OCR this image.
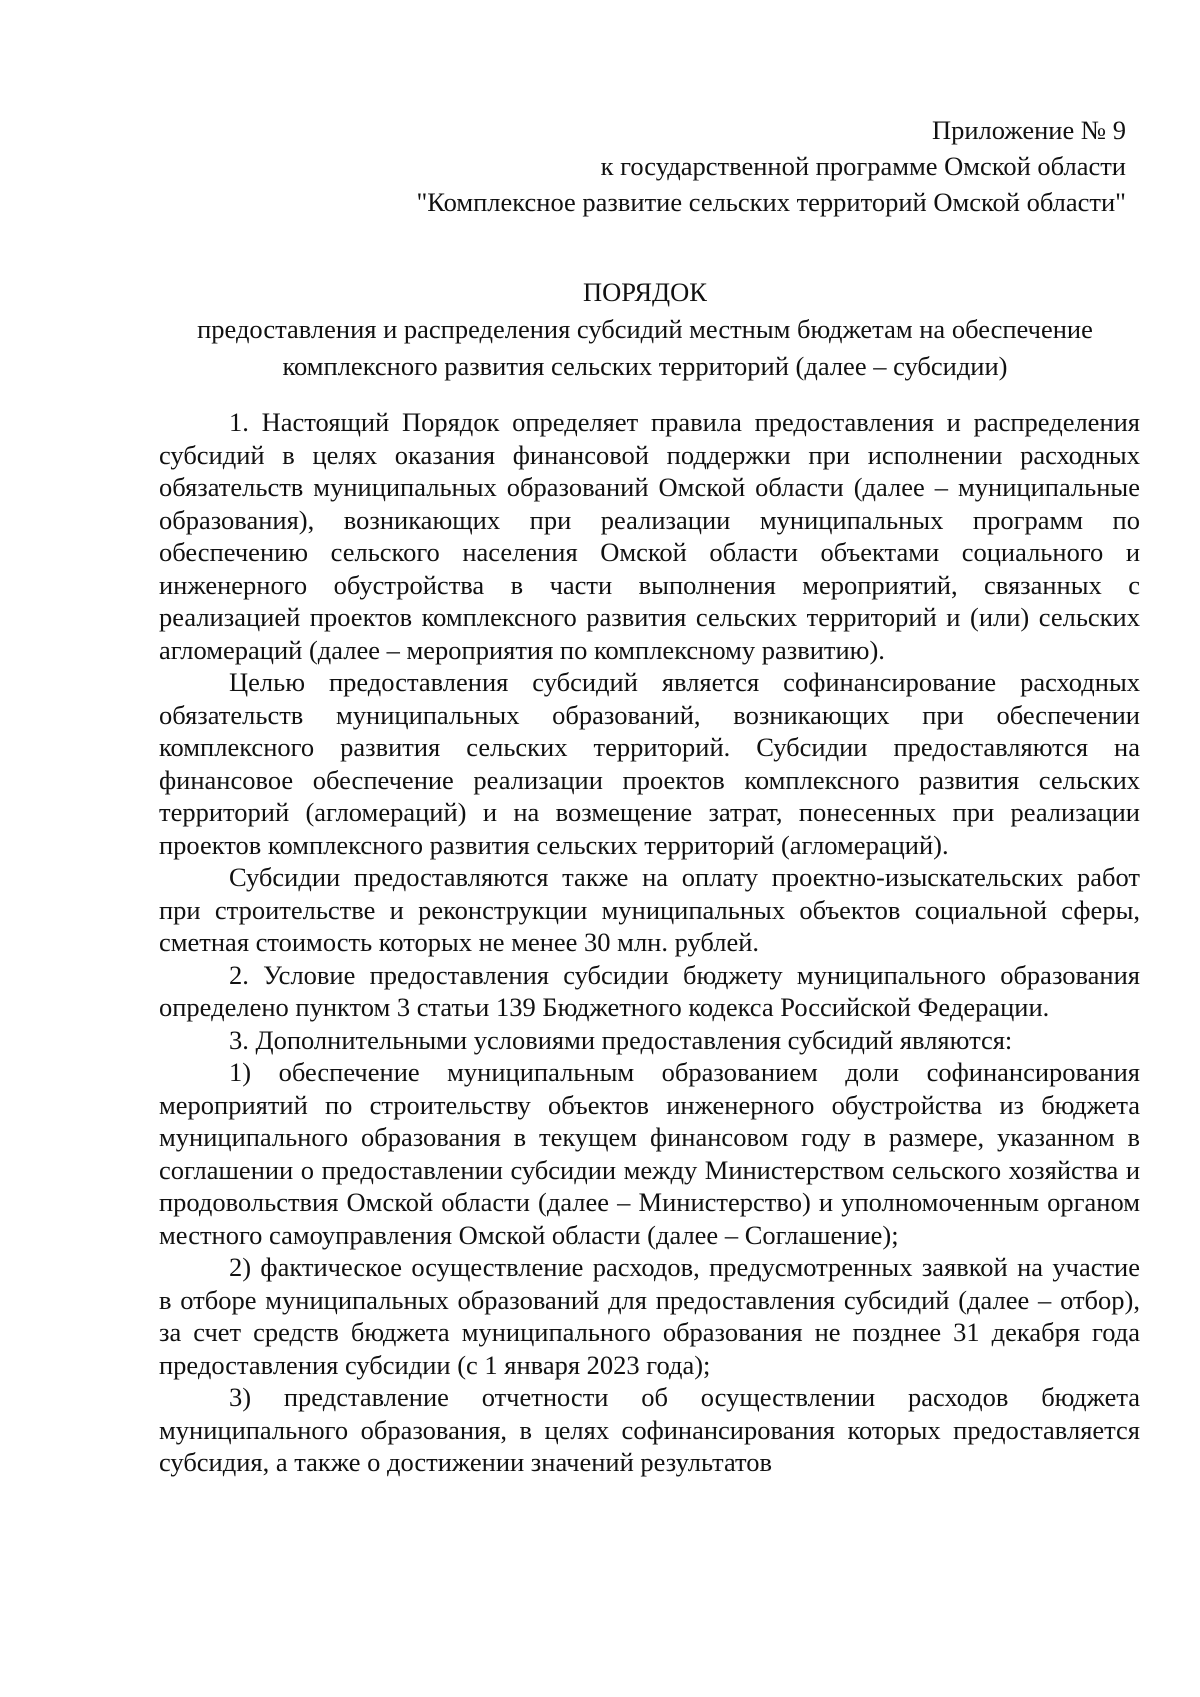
Приложение № 9
к государственной программе Омской области
"Комплексное развитие сельских территорий Омской области"
ПОРЯДОК
предоставления и распределения субсидий местным бюджетам на обеспечение
комплексного развития сельских территорий (далее – субсидии)

1. Настоящий Порядок определяет правила предоставления и распределения субсидий в целях оказания финансовой поддержки при исполнении расходных обязательств муниципальных образований Омской области (далее – муниципальные образования), возникающих при реализации муниципальных программ по обеспечению сельского населения Омской области объектами социального и инженерного обустройства в части выполнения мероприятий, связанных с реализацией проектов комплексного развития сельских территорий и (или) сельских агломераций (далее – мероприятия по комплексному развитию).

Целью предоставления субсидий является софинансирование расходных обязательств муниципальных образований, возникающих при обеспечении комплексного развития сельских территорий. Субсидии предоставляются на финансовое обеспечение реализации проектов комплексного развития сельских территорий (агломераций) и на возмещение затрат, понесенных при реализации проектов комплексного развития сельских территорий (агломераций).

Субсидии предоставляются также на оплату проектно-изыскательских работ при строительстве и реконструкции муниципальных объектов социальной сферы, сметная стоимость которых не менее 30 млн. рублей.

2. Условие предоставления субсидии бюджету муниципального образования определено пунктом 3 статьи 139 Бюджетного кодекса Российской Федерации.

3. Дополнительными условиями предоставления субсидий являются:

1) обеспечение муниципальным образованием доли софинансирования мероприятий по строительству объектов инженерного обустройства из бюджета муниципального образования в текущем финансовом году в размере, указанном в соглашении о предоставлении субсидии между Министерством сельского хозяйства и продовольствия Омской области (далее – Министерство) и уполномоченным органом местного самоуправления Омской области (далее – Соглашение);

2) фактическое осуществление расходов, предусмотренных заявкой на участие в отборе муниципальных образований для предоставления субсидий (далее – отбор), за счет средств бюджета муниципального образования не позднее 31 декабря года предоставления субсидии (с 1 января 2023 года);

3) представление отчетности об осуществлении расходов бюджета муниципального образования, в целях софинансирования которых предоставляется субсидия, а также о достижении значений результатов
